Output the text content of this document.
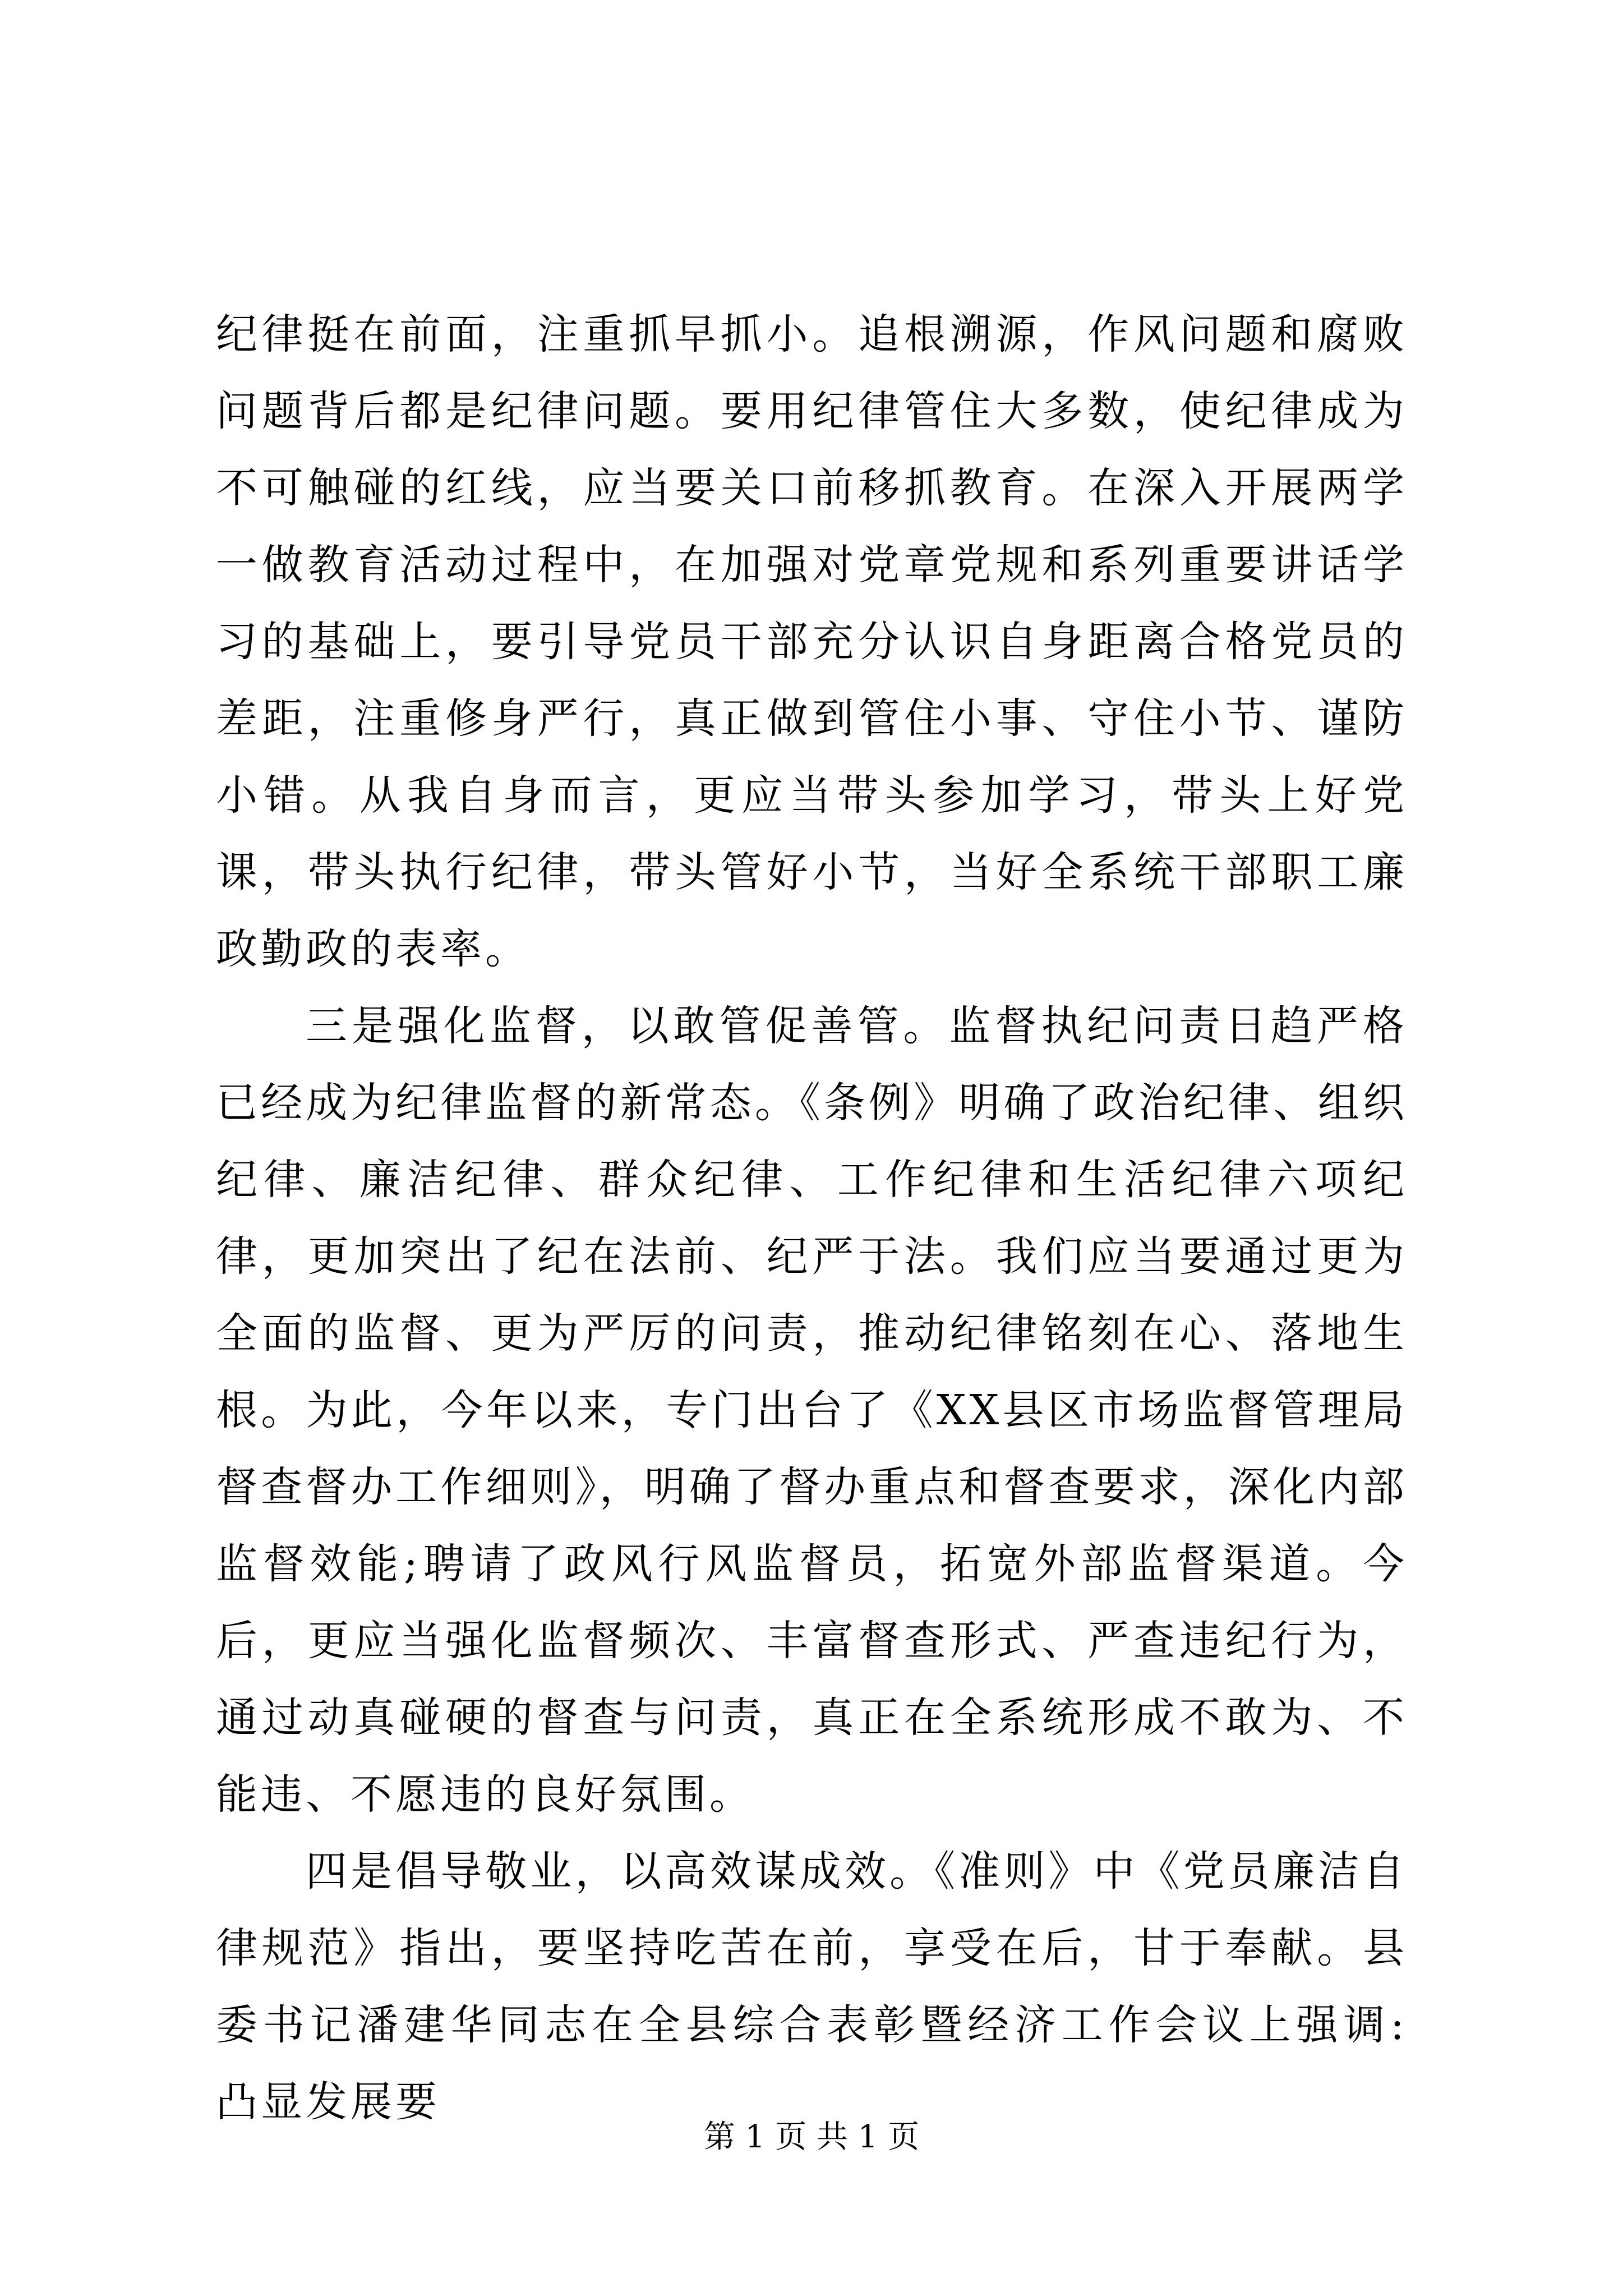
纪律挺在前面，注重抓早抓小。追根溯源，作风问题和腐败问题背后都是纪律问题。要用纪律管住大多数，使纪律成为不可触碰的红线，应当要关口前移抓教育。在深入开展两学一做教育活动过程中，在加强对党章党规和系列重要讲话学习的基础上，要引导党员干部充分认识自身距离合格党员的差距，注重修身严行，真正做到管住小事、守住小节、谨防小错。从我自身而言，更应当带头参加学习，带头上好党课，带头执行纪律，带头管好小节，当好全系统干部职工廉政勤政的表率。

三是强化监督，以敢管促善管。监督执纪问责日趋严格已经成为纪律监督的新常态。《条例》明确了政治纪律、组织纪律、廉洁纪律、群众纪律、工作纪律和生活纪律六项纪律，更加突出了纪在法前、纪严于法。我们应当要通过更为全面的监督、更为严厉的问责，推动纪律铭刻在心、落地生根。为此，今年以来，专门出台了《XX县区市场监督管理局督查督办工作细则》，明确了督办重点和督查要求，深化内部监督效能;聘请了政风行风监督员，拓宽外部监督渠道。今后，更应当强化监督频次、丰富督查形式、严查违纪行为，通过动真碰硬的督查与问责，真正在全系统形成不敢为、不能违、不愿违的良好氛围。

四是倡导敬业，以高效谋成效。《准则》中《党员廉洁自律规范》指出，要坚持吃苦在前，享受在后，甘于奉献。县委书记潘建华同志在全县综合表彰暨经济工作会议上强调: 凸显发展要

第 1 页 共 1 页
